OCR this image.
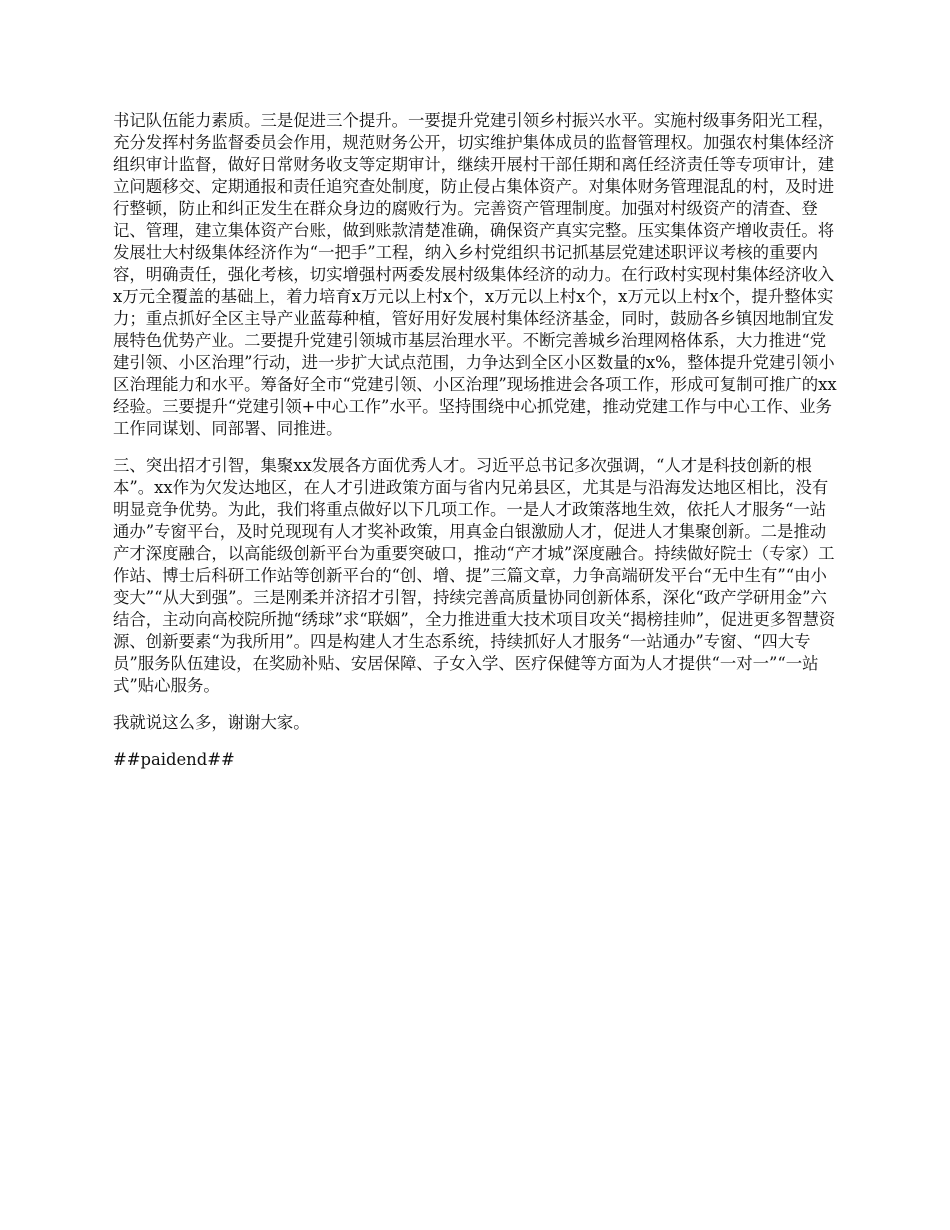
书记队伍能力素质。三是促进三个提升。一要提升党建引领乡村振兴水平。实施村级事务阳光工程，充分发挥村务监督委员会作用，规范财务公开，切实维护集体成员的监督管理权。加强农村集体经济组织审计监督，做好日常财务收支等定期审计，继续开展村干部任期和离任经济责任等专项审计，建立问题移交、定期通报和责任追究查处制度，防止侵占集体资产。对集体财务管理混乱的村，及时进行整顿，防止和纠正发生在群众身边的腐败行为。完善资产管理制度。加强对村级资产的清查、登记、管理，建立集体资产台账，做到账款清楚准确，确保资产真实完整。压实集体资产增收责任。将发展壮大村级集体经济作为“一把手”工程，纳入乡村党组织书记抓基层党建述职评议考核的重要内容，明确责任，强化考核，切实增强村两委发展村级集体经济的动力。在行政村实现村集体经济收入x万元全覆盖的基础上，着力培育x万元以上村x个，x万元以上村x个，x万元以上村x个，提升整体实力；重点抓好全区主导产业蓝莓种植，管好用好发展村集体经济基金，同时，鼓励各乡镇因地制宜发展特色优势产业。二要提升党建引领城市基层治理水平。不断完善城乡治理网格体系，大力推进“党建引领、小区治理”行动，进一步扩大试点范围，力争达到全区小区数量的x%，整体提升党建引领小区治理能力和水平。筹备好全市“党建引领、小区治理”现场推进会各项工作，形成可复制可推广的xx经验。三要提升“党建引领+中心工作”水平。坚持围绕中心抓党建，推动党建工作与中心工作、业务工作同谋划、同部署、同推进。

三、突出招才引智，集聚xx发展各方面优秀人才。习近平总书记多次强调，“人才是科技创新的根本”。xx作为欠发达地区，在人才引进政策方面与省内兄弟县区，尤其是与沿海发达地区相比，没有明显竞争优势。为此，我们将重点做好以下几项工作。一是人才政策落地生效，依托人才服务“一站通办”专窗平台，及时兑现现有人才奖补政策，用真金白银激励人才，促进人才集聚创新。二是推动产才深度融合，以高能级创新平台为重要突破口，推动“产才城”深度融合。持续做好院士（专家）工作站、博士后科研工作站等创新平台的“创、增、提”三篇文章，力争高端研发平台“无中生有”“由小变大”“从大到强”。三是刚柔并济招才引智，持续完善高质量协同创新体系，深化“政产学研用金”六结合，主动向高校院所抛“绣球”求“联姻”，全力推进重大技术项目攻关“揭榜挂帅”，促进更多智慧资源、创新要素“为我所用”。四是构建人才生态系统，持续抓好人才服务“一站通办”专窗、“四大专员”服务队伍建设，在奖励补贴、安居保障、子女入学、医疗保健等方面为人才提供“一对一”“一站式”贴心服务。

我就说这么多，谢谢大家。

##paidend##
